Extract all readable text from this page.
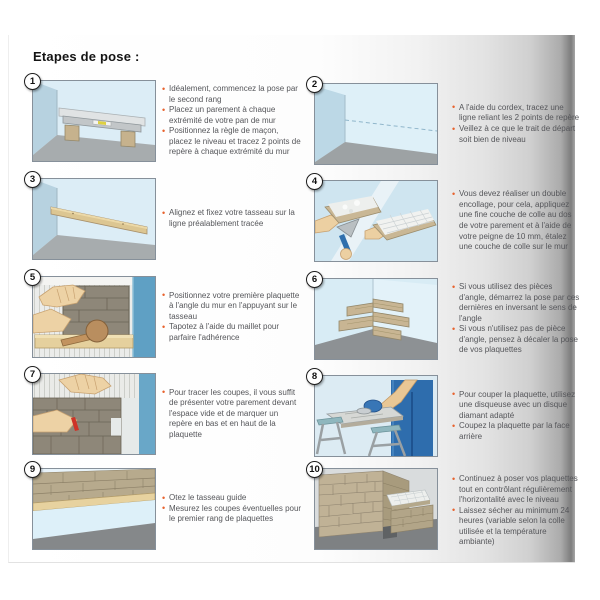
Etapes de pose :
1
• Idéalement, commencez la pose par le second rang
• Placez un parement à chaque extrémité de votre pan de mur
• Positionnez la règle de maçon, placez le niveau et tracez 2 points de repère à chaque extrémité du mur
2
• A l'aide du cordex, tracez une ligne reliant les 2 points de repère
• Veillez à ce que le trait de départ soit bien de niveau
3
• Alignez et fixez votre tasseau sur la ligne préalablement tracée
4
• Vous devez réaliser un double encollage, pour cela, appliquez une fine couche de colle au dos de votre parement et à l'aide de votre peigne de 10 mm, étalez une couche de colle sur le mur
5
• Positionnez votre première plaquette à l'angle du mur en l'appuyant sur le tasseau
• Tapotez à l'aide du maillet pour parfaire l'adhérence
6
• Si vous utilisez des pièces d'angle, démarrez la pose par ces dernières en inversant le sens de l'angle
• Si vous n'utilisez pas de pièce d'angle, pensez à décaler la pose de vos plaquettes
7
• Pour tracer les coupes, il vous suffit de présenter votre parement devant l'espace vide et de marquer un repère en bas et en haut de la plaquette
8
• Pour couper la plaquette, utilisez une disqueuse avec un disque diamant adapté
• Coupez la plaquette par la face arrière
9
• Otez le tasseau guide
• Mesurez les coupes éventuelles pour le premier rang de plaquettes
10
• Continuez à poser vos plaquettes tout en contrôlant régulièrement l'horizontalité avec le niveau
• Laissez sécher au minimum 24 heures (variable selon la colle utilisée et la température ambiante)
